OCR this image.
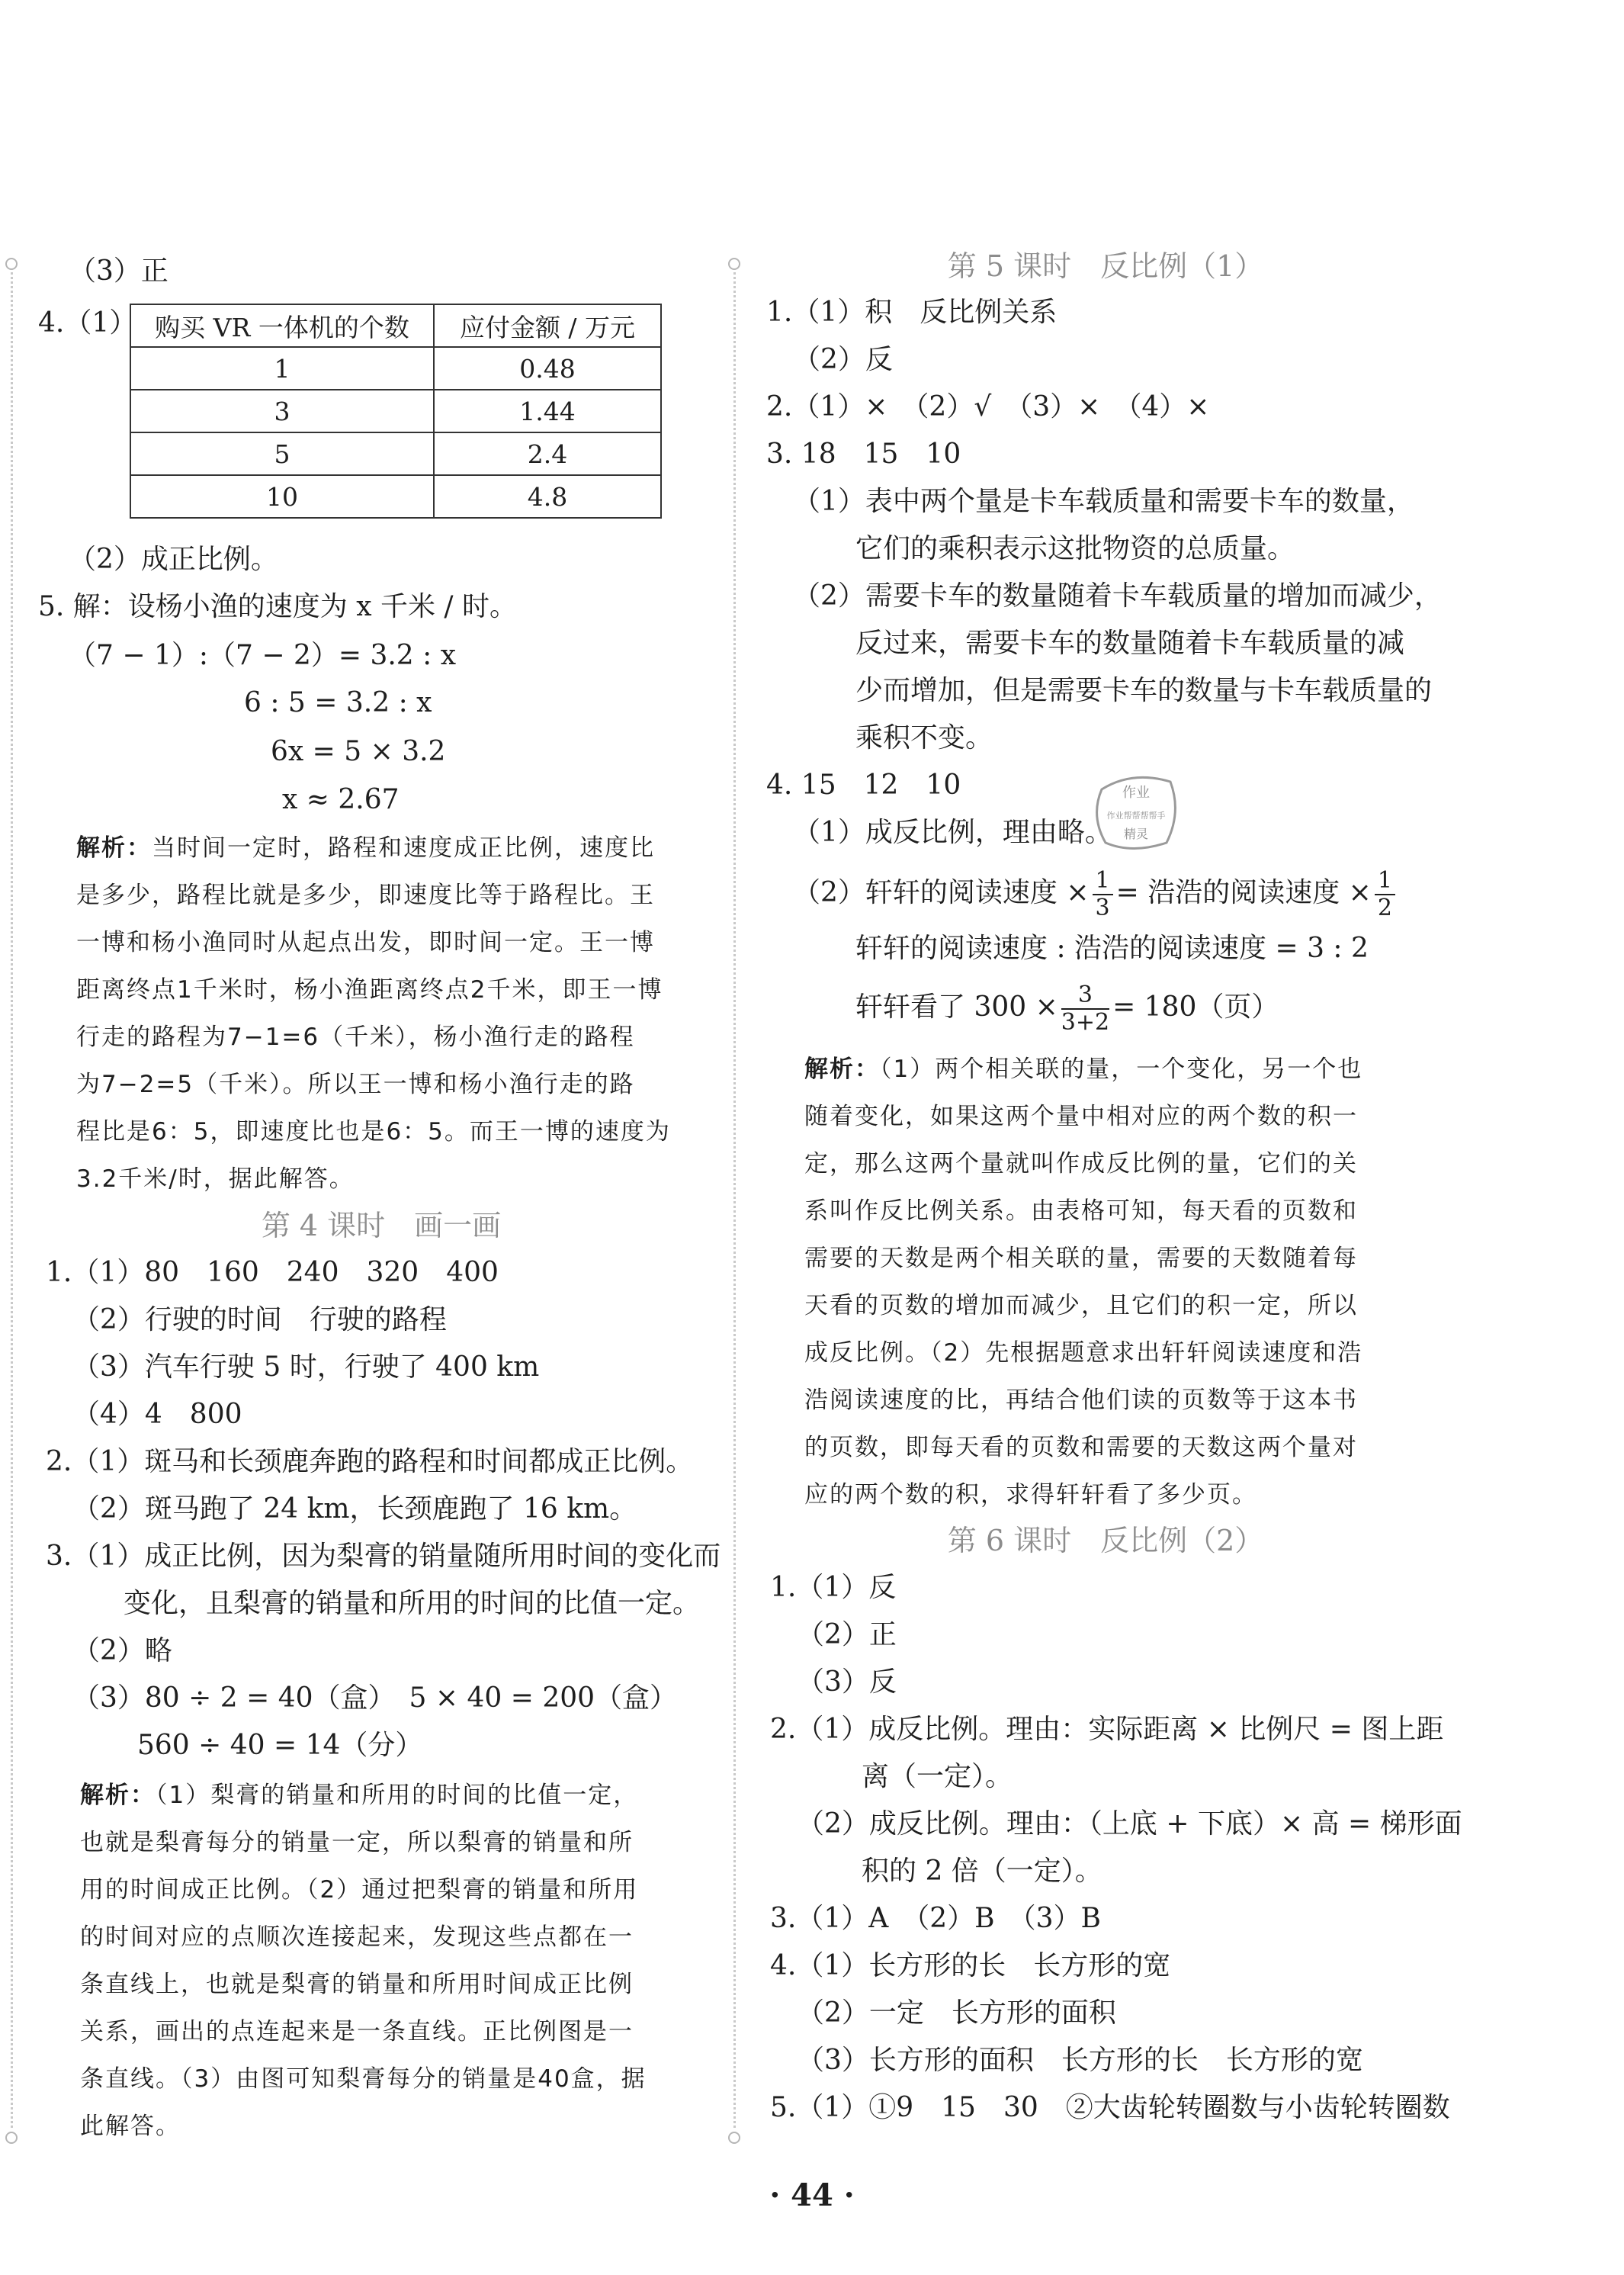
（3）正
4.（1） 购买 VR 一体机的个数	应付金额 / 万元
1	0.48
3	1.44
5	2.4
10	4.8
（2）成正比例。
5. 解：设杨小渔的速度为 x 千米 / 时。
（7 − 1）:（7 − 2）= 3.2 : x
6 : 5 = 3.2 : x
6x = 5 × 3.2
x ≈ 2.67
解析：当时间一定时，路程和速度成正比例，速度比
是多少，路程比就是多少，即速度比等于路程比。王
一博和杨小渔同时从起点出发，即时间一定。王一博
距离终点1千米时，杨小渔距离终点2千米，即王一博
行走的路程为7−1=6（千米），杨小渔行走的路程
为7−2=5（千米）。所以王一博和杨小渔行走的路
程比是6：5，即速度比也是6：5。而王一博的速度为
3.2千米/时，据此解答。
第 4 课时　画一画
1.（1）80　160　240　320　400
（2）行驶的时间　行驶的路程
（3）汽车行驶 5 时，行驶了 400 km
（4）4　800
2.（1）斑马和长颈鹿奔跑的路程和时间都成正比例。
（2）斑马跑了 24 km，长颈鹿跑了 16 km。
3.（1）成正比例，因为梨膏的销量随所用时间的变化而
变化，且梨膏的销量和所用的时间的比值一定。
（2）略
（3）80 ÷ 2 = 40（盒）　5 × 40 = 200（盒）
560 ÷ 40 = 14（分）
解析：（1）梨膏的销量和所用的时间的比值一定，
也就是梨膏每分的销量一定，所以梨膏的销量和所
用的时间成正比例。（2）通过把梨膏的销量和所用
的时间对应的点顺次连接起来，发现这些点都在一
条直线上，也就是梨膏的销量和所用时间成正比例
关系，画出的点连起来是一条直线。正比例图是一
条直线。（3）由图可知梨膏每分的销量是40盒，据
此解答。
第 5 课时　反比例（1）
1.（1）积　反比例关系
（2）反
2.（1）×　（2）√　（3）×　（4）×
3. 18　15　10
（1）表中两个量是卡车载质量和需要卡车的数量，
它们的乘积表示这批物资的总质量。
（2）需要卡车的数量随着卡车载质量的增加而减少，
反过来，需要卡车的数量随着卡车载质量的减
少而增加，但是需要卡车的数量与卡车载质量的
乘积不变。
4. 15　12　10
（1）成反比例，理由略。
（2）轩轩的阅读速度 × $\frac{1}{3}$ = 浩浩的阅读速度 × $\frac{1}{2}$
轩轩的阅读速度 : 浩浩的阅读速度 = 3 : 2
轩轩看了 $300 \times \frac{3}{3+2} = 180$（页）
解析：（1）两个相关联的量，一个变化，另一个也
随着变化，如果这两个量中相对应的两个数的积一
定，那么这两个量就叫作成反比例的量，它们的关
系叫作反比例关系。由表格可知，每天看的页数和
需要的天数是两个相关联的量，需要的天数随着每
天看的页数的增加而减少，且它们的积一定，所以
成反比例。（2）先根据题意求出轩轩阅读速度和浩
浩阅读速度的比，再结合他们读的页数等于这本书
的页数，即每天看的页数和需要的天数这两个量对
应的两个数的积，求得轩轩看了多少页。
第 6 课时　反比例（2）
1.（1）反
（2）正
（3）反
2.（1）成反比例。理由：实际距离 × 比例尺 = 图上距
离（一定）。
（2）成反比例。理由：（上底 + 下底）× 高 = 梯形面
积的 2 倍（一定）。
3.（1）A　（2）B　（3）B
4.（1）长方形的长　长方形的宽
（2）一定　长方形的面积
（3）长方形的面积　长方形的长　长方形的宽
5.（1）①9　15　30　②大齿轮转圈数与小齿轮转圈数
作业
作业帮帮帮帮手
精灵
· 44 ·
